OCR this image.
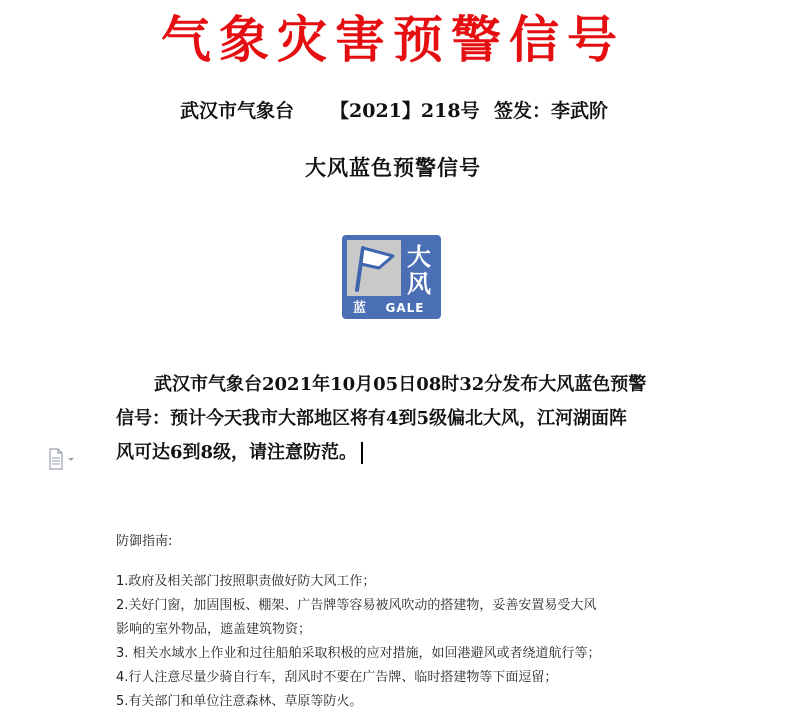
气象灾害预警信号
武汉市气象台 【2021】218号 签发：李武阶
大风蓝色预警信号
大
风
蓝 GALE

武汉市气象台2021年10月05日08时32分发布大风蓝色预警

信号：预计今天我市大部地区将有4到5级偏北大风，江河湖面阵

风可达6到8级，请注意防范。

防御指南:
1.政府及相关部门按照职责做好防大风工作；
2.关好门窗，加固围板、棚架、广告牌等容易被风吹动的搭建物，妥善安置易受大风
影响的室外物品，遮盖建筑物资；
3. 相关水域水上作业和过往船舶采取积极的应对措施，如回港避风或者绕道航行等；
4.行人注意尽量少骑自行车，刮风时不要在广告牌、临时搭建物等下面逗留；
5.有关部门和单位注意森林、草原等防火。
